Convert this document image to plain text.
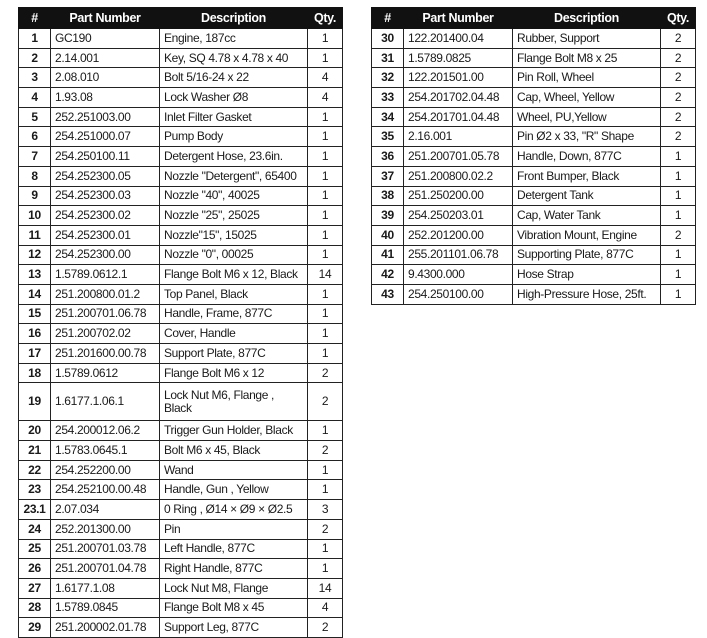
#	Part Number	Description	Qty.
1	GC190	Engine, 187cc	1
2	2.14.001	Key, SQ 4.78 x 4.78 x 40	1
3	2.08.010	Bolt 5/16-24 x 22	4
4	1.93.08	Lock Washer Ø8	4
5	252.251003.00	Inlet Filter Gasket	1
6	254.251000.07	Pump Body	1
7	254.250100.11	Detergent Hose, 23.6in.	1
8	254.252300.05	Nozzle "Detergent", 65400	1
9	254.252300.03	Nozzle "40", 40025	1
10	254.252300.02	Nozzle "25", 25025	1
11	254.252300.01	Nozzle"15", 15025	1
12	254.252300.00	Nozzle "0", 00025	1
13	1.5789.0612.1	Flange Bolt M6 x 12, Black	14
14	251.200800.01.2	Top Panel, Black	1
15	251.200701.06.78	Handle, Frame, 877C	1
16	251.200702.02	Cover, Handle	1
17	251.201600.00.78	Support Plate, 877C	1
18	1.5789.0612	Flange Bolt M6 x 12	2
19	1.6177.1.06.1	Lock Nut M6, Flange , Black	2
20	254.200012.06.2	Trigger Gun Holder, Black	1
21	1.5783.0645.1	Bolt M6 x 45, Black	2
22	254.252200.00	Wand	1
23	254.252100.00.48	Handle, Gun , Yellow	1
23.1	2.07.034	0 Ring , Ø14 × Ø9 × Ø2.5	3
24	252.201300.00	Pin	2
25	251.200701.03.78	Left Handle, 877C	1
26	251.200701.04.78	Right Handle, 877C	1
27	1.6177.1.08	Lock Nut M8, Flange	14
28	1.5789.0845	Flange Bolt M8 x 45	4
29	251.200002.01.78	Support Leg, 877C	2
#	Part Number	Description	Qty.
30	122.201400.04	Rubber, Support	2
31	1.5789.0825	Flange Bolt M8 x 25	2
32	122.201501.00	Pin Roll, Wheel	2
33	254.201702.04.48	Cap, Wheel, Yellow	2
34	254.201701.04.48	Wheel, PU,Yellow	2
35	2.16.001	Pin Ø2 x 33, "R" Shape	2
36	251.200701.05.78	Handle, Down, 877C	1
37	251.200800.02.2	Front Bumper, Black	1
38	251.250200.00	Detergent Tank	1
39	254.250203.01	Cap, Water Tank	1
40	252.201200.00	Vibration Mount, Engine	2
41	255.201101.06.78	Supporting Plate, 877C	1
42	9.4300.000	Hose Strap	1
43	254.250100.00	High-Pressure Hose, 25ft.	1
